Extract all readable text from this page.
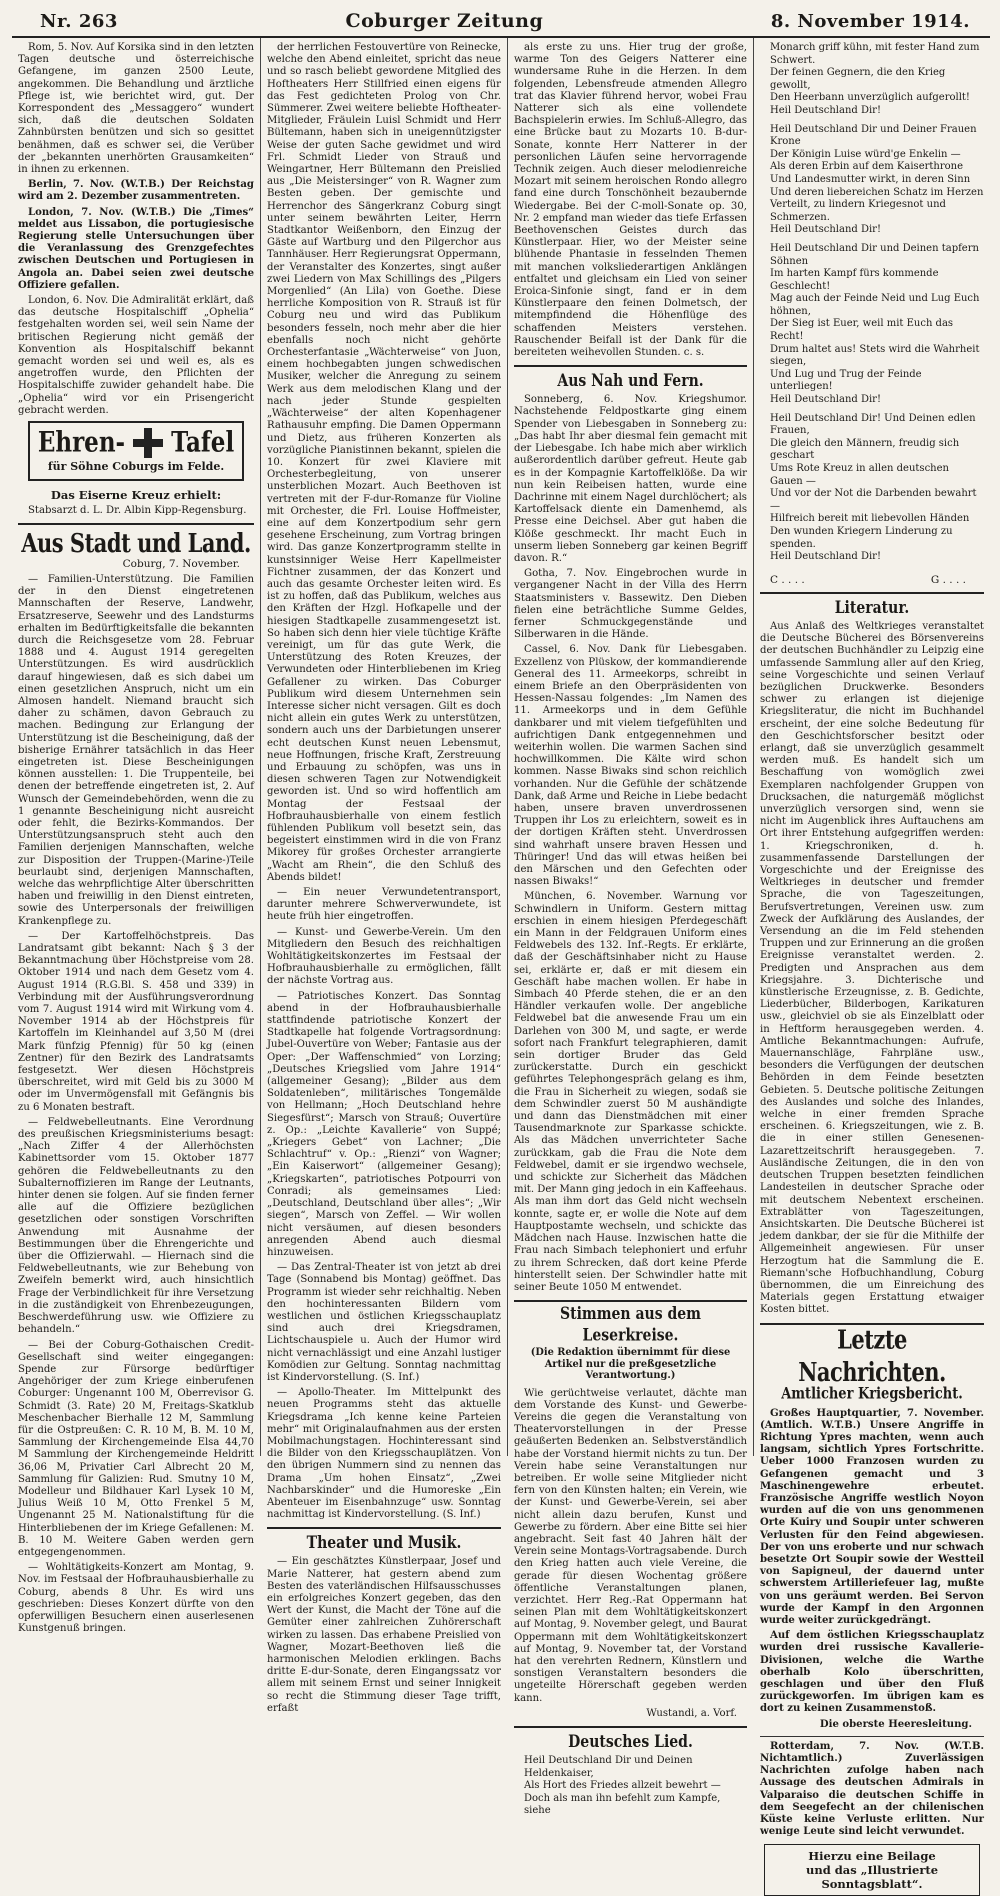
Nr. 263	Coburger Zeitung	8. November 1914.

Rom, 5. Nov. Auf Korsika sind in den letzten Tagen deutsche und österreichische Gefangene, im ganzen 2500 Leute, angekommen. Die Behandlung und ärztliche Pflege ist, wie berichtet wird, gut. Der Korrespondent des „Messaggero“ wundert sich, daß die deutschen Soldaten Zahnbürsten benützen und sich so gesittet benähmen, daß es schwer sei, die Verüber der „bekannten unerhörten Grausamkeiten“ in ihnen zu erkennen.

Berlin, 7. Nov. (W.T.B.) Der Reichstag wird am 2. Dezember zusammentreten.

London, 7. Nov. (W.T.B.) Die „Times“ meldet aus Lissabon, die portugiesische Regierung stelle Untersuchungen über die Veranlassung des Grenzgefechtes zwischen Deutschen und Portugiesen in Angola an. Dabei seien zwei deutsche Offiziere gefallen.

London, 6. Nov. Die Admiralität erklärt, daß das deutsche Hospitalschiff „Ophelia“ festgehalten worden sei, weil sein Name der britischen Regierung nicht gemäß der Konvention als Hospitalschiff bekannt gemacht worden sei und weil es, als es angetroffen wurde, den Pflichten der Hospitalschiffe zuwider gehandelt habe. Die „Ophelia“ wird vor ein Prisengericht gebracht werden.

Ehren- Tafel
für Söhne Coburgs im Felde.
Das Eiserne Kreuz erhielt:

Stabsarzt d. L. Dr. Albin Kipp-Regensburg.

Aus Stadt und Land.
Coburg, 7. November.

— Familien-Unterstützung. Die Familien der in den Dienst eingetretenen Mannschaften der Reserve, Landwehr, Ersatzreserve, Seewehr und des Landsturms erhalten im Bedürftigkeitsfalle die bekannten durch die Reichsgesetze vom 28. Februar 1888 und 4. August 1914 geregelten Unterstützungen. Es wird ausdrücklich darauf hingewiesen, daß es sich dabei um einen gesetzlichen Anspruch, nicht um ein Almosen handelt. Niemand braucht sich daher zu schämen, davon Gebrauch zu machen. Bedingung zur Erlangung der Unterstützung ist die Bescheinigung, daß der bisherige Ernährer tatsächlich in das Heer eingetreten ist. Diese Bescheinigungen können ausstellen: 1. Die Truppenteile, bei denen der betreffende eingetreten ist, 2. Auf Wunsch der Gemeindebehörden, wenn die zu 1 genannte Bescheinigung nicht ausreicht oder fehlt, die Bezirks-Kommandos. Der Unterstützungsanspruch steht auch den Familien derjenigen Mannschaften, welche zur Disposition der Truppen-(Marine-)Teile beurlaubt sind, derjenigen Mannschaften, welche das wehrpflichtige Alter überschritten haben und freiwillig in den Dienst eintreten, sowie des Unterpersonals der freiwilligen Krankenpflege zu.

— Der Kartoffelhöchstpreis. Das Landratsamt gibt bekannt: Nach § 3 der Bekanntmachung über Höchstpreise vom 28. Oktober 1914 und nach dem Gesetz vom 4. August 1914 (R.G.Bl. S. 458 und 339) in Verbindung mit der Ausführungsverordnung vom 7. August 1914 wird mit Wirkung vom 4. November 1914 ab der Höchstpreis für Kartoffeln im Kleinhandel auf 3,50 M (drei Mark fünfzig Pfennig) für 50 kg (einen Zentner) für den Bezirk des Landratsamts festgesetzt. Wer diesen Höchstpreis überschreitet, wird mit Geld bis zu 3000 M oder im Unvermögensfall mit Gefängnis bis zu 6 Monaten bestraft.

— Feldwebelleutnants. Eine Verordnung des preußischen Kriegsministeriums besagt: „Nach Ziffer 4 der Allerhöchsten Kabinettsorder vom 15. Oktober 1877 gehören die Feldwebelleutnants zu den Subalternoffizieren im Range der Leutnants, hinter denen sie folgen. Auf sie finden ferner alle auf die Offiziere bezüglichen gesetzlichen oder sonstigen Vorschriften Anwendung mit Ausnahme der Bestimmungen über die Ehrengerichte und über die Offizierwahl. — Hiernach sind die Feldwebelleutnants, wie zur Behebung von Zweifeln bemerkt wird, auch hinsichtlich Frage der Verbindlichkeit für ihre Versetzung in die zuständigkeit von Ehrenbezeugungen, Beschwerdeführung usw. wie Offiziere zu behandeln.“

— Bei der Coburg-Gothaischen Credit-Gesellschaft sind weiter eingegangen: Spende zur Fürsorge bedürftiger Angehöriger der zum Kriege einberufenen Coburger: Ungenannt 100 M, Oberrevisor G. Schmidt (3. Rate) 20 M, Freitags-Skatklub Meschenbacher Bierhalle 12 M, Sammlung für die Ostpreußen: C. R. 10 M, B. M. 10 M, Sammlung der Kirchengemeinde Elsa 44,70 M Sammlung der Kirchengemeinde Heldritt 36,06 M, Privatier Carl Albrecht 20 M, Sammlung für Galizien: Rud. Smutny 10 M, Modelleur und Bildhauer Karl Lysek 10 M, Julius Weiß 10 M, Otto Frenkel 5 M, Ungenannt 25 M. Nationalstiftung für die Hinterbliebenen der im Kriege Gefallenen: M. B. 10 M. Weitere Gaben werden gern entgegengenommen.

— Wohltätigkeits-Konzert am Montag, 9. Nov. im Festsaal der Hofbrauhausbierhalle zu Coburg, abends 8 Uhr. Es wird uns geschrieben: Dieses Konzert dürfte von den opferwilligen Besuchern einen auserlesenen Kunstgenuß bringen.

der herrlichen Festouvertüre von Reinecke, welche den Abend einleitet, spricht das neue und so rasch beliebt gewordene Mitglied des Hoftheaters Herr Stillfried einen eigens für das Fest gedichteten Prolog von Chr. Sümmerer. Zwei weitere beliebte Hoftheater-Mitglieder, Fräulein Luisl Schmidt und Herr Bültemann, haben sich in uneigennützigster Weise der guten Sache gewidmet und wird Frl. Schmidt Lieder von Strauß und Weingartner, Herr Bültemann den Preislied aus „Die Meistersinger“ von R. Wagner zum Besten geben. Der gemischte und Herrenchor des Sängerkranz Coburg singt unter seinem bewährten Leiter, Herrn Stadtkantor Weißenborn, den Einzug der Gäste auf Wartburg und den Pilgerchor aus Tannhäuser. Herr Regierungsrat Oppermann, der Veranstalter des Konzertes, singt außer zwei Liedern von Max Schillings des „Pilgers Morgenlied“ (An Lila) von Goethe. Diese herrliche Komposition von R. Strauß ist für Coburg neu und wird das Publikum besonders fesseln, noch mehr aber die hier ebenfalls noch nicht gehörte Orchesterfantasie „Wächterweise“ von Juon, einem hochbegabten jungen schwedischen Musiker, welcher die Anregung zu seinem Werk aus dem melodischen Klang und der nach jeder Stunde gespielten „Wächterweise“ der alten Kopenhagener Rathausuhr empfing. Die Damen Oppermann und Dietz, aus früheren Konzerten als vorzügliche Pianistinnen bekannt, spielen die 10. Konzert für zwei Klaviere mit Orchesterbegleitung, von unserer unsterblichen Mozart. Auch Beethoven ist vertreten mit der F-dur-Romanze für Violine mit Orchester, die Frl. Louise Hoffmeister, eine auf dem Konzertpodium sehr gern gesehene Erscheinung, zum Vortrag bringen wird. Das ganze Konzertprogramm stellte in kunstsinniger Weise Herr Kapellmeister Fichtner zusammen, der das Konzert und auch das gesamte Orchester leiten wird. Es ist zu hoffen, daß das Publikum, welches aus den Kräften der Hzgl. Hofkapelle und der hiesigen Stadtkapelle zusammengesetzt ist. So haben sich denn hier viele tüchtige Kräfte vereinigt, um für das gute Werk, die Unterstützung des Roten Kreuzes, der Verwundeten oder Hinterbliebenen im Krieg Gefallener zu wirken. Das Coburger Publikum wird diesem Unternehmen sein Interesse sicher nicht versagen. Gilt es doch nicht allein ein gutes Werk zu unterstützen, sondern auch uns der Darbietungen unserer echt deutschen Kunst neuen Lebensmut, neue Hoffnungen, frische Kraft, Zerstreuung und Erbauung zu schöpfen, was uns in diesen schweren Tagen zur Notwendigkeit geworden ist. Und so wird hoffentlich am Montag der Festsaal der Hofbrauhausbierhalle von einem festlich fühlenden Publikum voll besetzt sein, das begeistert einstimmen wird in die von Franz Mikorey für großes Orchester arrangierte „Wacht am Rhein“, die den Schluß des Abends bildet!

— Ein neuer Verwundetentransport, darunter mehrere Schwerverwundete, ist heute früh hier eingetroffen.

— Kunst- und Gewerbe-Verein. Um den Mitgliedern den Besuch des reichhaltigen Wohltätigkeitskonzertes im Festsaal der Hofbrauhausbierhalle zu ermöglichen, fällt der nächste Vortrag aus.

— Patriotisches Konzert. Das Sonntag abend in der Hofbrauhausbierhalle stattfindende patriotische Konzert der Stadtkapelle hat folgende Vortragsordnung: Jubel-Ouvertüre von Weber; Fantasie aus der Oper: „Der Waffenschmied“ von Lorzing; „Deutsches Kriegslied vom Jahre 1914“ (allgemeiner Gesang); „Bilder aus dem Soldatenleben“, militärisches Tongemälde von Hellmann; „Hoch Deutschland hehre Siegesfürst“; Marsch von Strauß; Ouvertüre z. Op.: „Leichte Kavallerie“ von Suppé; „Kriegers Gebet“ von Lachner; „Die Schlachtruf“ v. Op.: „Rienzi“ von Wagner; „Ein Kaiserwort“ (allgemeiner Gesang); „Kriegskarten“, patriotisches Potpourri von Conradi; als gemeinsames Lied: „Deutschland, Deutschland über alles“; „Wir siegen“, Marsch von Zeffel. — Wir wollen nicht versäumen, auf diesen besonders anregenden Abend auch diesmal hinzuweisen.

— Das Zentral-Theater ist von jetzt ab drei Tage (Sonnabend bis Montag) geöffnet. Das Programm ist wieder sehr reichhaltig. Neben den hochinteressanten Bildern vom westlichen und östlichen Kriegsschauplatz sind auch drei Kriegsdramen, Lichtschauspiele u. Auch der Humor wird nicht vernachlässigt und eine Anzahl lustiger Komödien zur Geltung. Sonntag nachmittag ist Kindervorstellung. (S. Inf.)

— Apollo-Theater. Im Mittelpunkt des neuen Programms steht das aktuelle Kriegsdrama „Ich kenne keine Parteien mehr“ mit Originalaufnahmen aus der ersten Mobilmachungstagen. Hochinteressant sind die Bilder von den Kriegsschauplätzen. Von den übrigen Nummern sind zu nennen das Drama „Um hohen Einsatz“, „Zwei Nachbarskinder“ und die Humoreske „Ein Abenteuer im Eisenbahnzuge“ usw. Sonntag nachmittag ist Kindervorstellung. (S. Inf.)

Theater und Musik.

— Ein geschätztes Künstlerpaar, Josef und Marie Natterer, hat gestern abend zum Besten des vaterländischen Hilfsausschusses ein erfolgreiches Konzert gegeben, das den Wert der Kunst, die Macht der Töne auf die Gemüter einer zahlreichen Zuhörerschaft wirken zu lassen. Das erhabene Preislied von Wagner, Mozart-Beethoven ließ die harmonischen Melodien erklingen. Bachs dritte E-dur-Sonate, deren Eingangssatz vor allem mit seinem Ernst und seiner Innigkeit so recht die Stimmung dieser Tage trifft, erfaßt

als erste zu uns. Hier trug der große, warme Ton des Geigers Natterer eine wundersame Ruhe in die Herzen. In dem folgenden, Lebensfreude atmenden Allegro trat das Klavier führend hervor, wobei Frau Natterer sich als eine vollendete Bachspielerin erwies. Im Schluß-Allegro, das eine Brücke baut zu Mozarts 10. B-dur-Sonate, konnte Herr Natterer in der personlichen Läufen seine hervorragende Technik zeigen. Auch dieser melodienreiche Mozart mit seinem heroischen Rondo allegro fand eine durch Tonschönheit bezaubernde Wiedergabe. Bei der C-moll-Sonate op. 30, Nr. 2 empfand man wieder das tiefe Erfassen Beethovenschen Geistes durch das Künstlerpaar. Hier, wo der Meister seine blühende Phantasie in fesselnden Themen mit manchen volksliederartigen Anklängen entfaltet und gleichsam ein Lied von seiner Eroica-Sinfonie singt, fand er in dem Künstlerpaare den feinen Dolmetsch, der mitempfindend die Höhenflüge des schaffenden Meisters verstehen. Rauschender Beifall ist der Dank für die bereiteten weihevollen Stunden. c. s.

Aus Nah und Fern.

Sonneberg, 6. Nov. Kriegshumor. Nachstehende Feldpostkarte ging einem Spender von Liebesgaben in Sonneberg zu: „Das habt Ihr aber diesmal fein gemacht mit der Liebesgabe. Ich habe mich aber wirklich außerordentlich darüber gefreut. Heute gab es in der Kompagnie Kartoffelklöße. Da wir nun kein Reibeisen hatten, wurde eine Dachrinne mit einem Nagel durchlöchert; als Kartoffelsack diente ein Damenhemd, als Presse eine Deichsel. Aber gut haben die Klöße geschmeckt. Ihr macht Euch in unserm lieben Sonneberg gar keinen Begriff davon. R.“

Gotha, 7. Nov. Eingebrochen wurde in vergangener Nacht in der Villa des Herrn Staatsministers v. Bassewitz. Den Dieben fielen eine beträchtliche Summe Geldes, ferner Schmuckgegenstände und Silberwaren in die Hände.

Cassel, 6. Nov. Dank für Liebesgaben. Exzellenz von Plüskow, der kommandierende General des 11. Armeekorps, schreibt in einem Briefe an den Oberpräsidenten von Hessen-Nassau folgendes: „Im Namen des 11. Armeekorps und in dem Gefühle dankbarer und mit vielem tiefgefühlten und aufrichtigen Dank entgegennehmen und weiterhin wollen. Die warmen Sachen sind hochwillkommen. Die Kälte wird schon kommen. Nasse Biwaks sind schon reichlich vorhanden. Nur die Gefühle der schätzende Dank, daß Arme und Reiche in Liebe bedacht haben, unsere braven unverdrossenen Truppen ihr Los zu erleichtern, soweit es in der dortigen Kräften steht. Unverdrossen sind wahrhaft unsere braven Hessen und Thüringer! Und das will etwas heißen bei den Märschen und den Gefechten oder nassen Biwaks!“

München, 6. November. Warnung vor Schwindlern in Uniform. Gestern mittag erschien in einem hiesigen Pferdegeschäft ein Mann in der Feldgrauen Uniform eines Feldwebels des 132. Inf.-Regts. Er erklärte, daß der Geschäftsinhaber nicht zu Hause sei, erklärte er, daß er mit diesem ein Geschäft habe machen wollen. Er habe in Simbach 40 Pferde stehen, die er an den Händler verkaufen wolle. Der angebliche Feldwebel bat die anwesende Frau um ein Darlehen von 300 M, und sagte, er werde sofort nach Frankfurt telegraphieren, damit sein dortiger Bruder das Geld zurückerstatte. Durch ein geschickt geführtes Telephongespräch gelang es ihm, die Frau in Sicherheit zu wiegen, sodaß sie dem Schwindler zuerst 50 M aushändigte und dann das Dienstmädchen mit einer Tausendmarknote zur Sparkasse schickte. Als das Mädchen unverrichteter Sache zurückkam, gab die Frau die Note dem Feldwebel, damit er sie irgendwo wechsele, und schickte zur Sicherheit das Mädchen mit. Der Mann ging jedoch in ein Kaffeehaus. Als man ihm dort das Geld nicht wechseln konnte, sagte er, er wolle die Note auf dem Hauptpostamte wechseln, und schickte das Mädchen nach Hause. Inzwischen hatte die Frau nach Simbach telephoniert und erfuhr zu ihrem Schrecken, daß dort keine Pferde hinterstellt seien. Der Schwindler hatte mit seiner Beute 1050 M entwendet.

Stimmen aus dem Leserkreise.
(Die Redaktion übernimmt für diese Artikel nur die preßgesetzliche Verantwortung.)

Wie gerüchtweise verlautet, dächte man dem Vorstande des Kunst- und Gewerbe-Vereins die gegen die Veranstaltung von Theatervorstellungen in der Presse geäußerten Bedenken an. Selbstverständlich habe der Vorstand hiermit nichts zu tun. Der Verein habe seine Veranstaltungen nur betreiben. Er wolle seine Mitglieder nicht fern von den Künsten halten; ein Verein, wie der Kunst- und Gewerbe-Verein, sei aber nicht allein dazu berufen, Kunst und Gewerbe zu fördern. Aber eine Bitte sei hier angebracht. Seit fast 40 Jahren hält der Verein seine Montags-Vortragsabende. Durch den Krieg hatten auch viele Vereine, die gerade für diesen Wochentag größere öffentliche Veranstaltungen planen, verzichtet. Herr Reg.-Rat Oppermann hat seinen Plan mit dem Wohltätigkeitskonzert auf Montag, 9. November gelegt, und Baurat Oppermann mit dem Wohltätigkeitskonzert auf Montag, 9. November tat, der Vorstand hat den verehrten Rednern, Künstlern und sonstigen Veranstaltern besonders die ungeteilte Hörerschaft gegeben werden kann.

Wustandi, a. Vorf.
Deutsches Lied.
Heil Deutschland Dir und Deinen Heldenkaiser,
Als Hort des Friedes allzeit bewehrt —
Doch als man ihn befehlt zum Kampfe, siehe
Monarch griff kühn, mit fester Hand zum Schwert.
Der feinen Gegnern, die den Krieg gewollt,
Den Heerbann unverzüglich aufgerollt!
Heil Deutschland Dir!
Heil Deutschland Dir und Deiner Frauen Krone
Der Königin Luise würd'ge Enkelin —
Als deren Erbin auf dem Kaiserthrone
Und Landesmutter wirkt, in deren Sinn
Und deren liebereichen Schatz im Herzen
Verteilt, zu lindern Kriegesnot und Schmerzen.
Heil Deutschland Dir!
Heil Deutschland Dir und Deinen tapfern Söhnen
Im harten Kampf fürs kommende Geschlecht!
Mag auch der Feinde Neid und Lug Euch höhnen,
Der Sieg ist Euer, weil mit Euch das Recht!
Drum haltet aus! Stets wird die Wahrheit siegen,
Und Lug und Trug der Feinde unterliegen!
Heil Deutschland Dir!
Heil Deutschland Dir! Und Deinen edlen Frauen,
Die gleich den Männern, freudig sich geschart
Ums Rote Kreuz in allen deutschen Gauen —
Und vor der Not die Darbenden bewahrt —
Hilfreich bereit mit liebevollen Händen
Den wunden Kriegern Linderung zu spenden.
Heil Deutschland Dir!
C . . . .	G . . . .
Literatur.

Aus Anlaß des Weltkrieges veranstaltet die Deutsche Bücherei des Börsenvereins der deutschen Buchhändler zu Leipzig eine umfassende Sammlung aller auf den Krieg, seine Vorgeschichte und seinen Verlauf bezüglichen Druckwerke. Besonders schwer zu erlangen ist diejenige Kriegsliteratur, die nicht im Buchhandel erscheint, der eine solche Bedeutung für den Geschichtsforscher besitzt oder erlangt, daß sie unverzüglich gesammelt werden muß. Es handelt sich um Beschaffung von womöglich zwei Exemplaren nachfolgender Gruppen von Drucksachen, die naturgemäß möglichst unverzüglich versorgen sind, wenn sie nicht im Augenblick ihres Auftauchens am Ort ihrer Entstehung aufgegriffen werden: 1. Kriegschroniken, d. h. zusammenfassende Darstellungen der Vorgeschichte und der Ereignisse des Weltkrieges in deutscher und fremder Sprache, die von Tageszeitungen, Berufsvertretungen, Vereinen usw. zum Zweck der Aufklärung des Auslandes, der Versendung an die im Feld stehenden Truppen und zur Erinnerung an die großen Ereignisse veranstaltet werden. 2. Predigten und Ansprachen aus dem Kriegsjahre. 3. Dichterische und künstlerische Erzeugnisse, z. B. Gedichte, Liederbücher, Bilderbogen, Karikaturen usw., gleichviel ob sie als Einzelblatt oder in Heftform herausgegeben werden. 4. Amtliche Bekanntmachungen: Aufrufe, Mauernanschläge, Fahrpläne usw., besonders die Verfügungen der deutschen Behörden in dem Feinde besetzten Gebieten. 5. Deutsche politische Zeitungen des Auslandes und solche des Inlandes, welche in einer fremden Sprache erscheinen. 6. Kriegszeitungen, wie z. B. die in einer stillen Genesenen-Lazarettzeitschrift herausgegeben. 7. Ausländische Zeitungen, die in den von deutschen Truppen besetzten feindlichen Landesteilen in deutscher Sprache oder mit deutschem Nebentext erscheinen. Extrablätter von Tageszeitungen, Ansichtskarten. Die Deutsche Bücherei ist jedem dankbar, der sie für die Mithilfe der Allgemeinheit angewiesen. Für unser Herzogtum hat die Sammlung die E. Riemann'sche Hofbuchhandlung, Coburg übernommen, die um Einreichung des Materials gegen Erstattung etwaiger Kosten bittet.

Letzte Nachrichten.
Amtlicher Kriegsbericht.

Großes Hauptquartier, 7. November. (Amtlich. W.T.B.) Unsere Angriffe in Richtung Ypres machten, wenn auch langsam, sichtlich Ypres Fortschritte. Ueber 1000 Franzosen wurden zu Gefangenen gemacht und 3 Maschinengewehre erbeutet. Französische Angriffe westlich Noyon wurden auf die von uns genommenen Orte Kuiry und Soupir unter schweren Verlusten für den Feind abgewiesen. Der von uns eroberte und nur schwach besetzte Ort Soupir sowie der Westteil von Sapigneul, der dauernd unter schwerstem Artilleriefeuer lag, mußte von uns geräumt werden. Bei Servon wurde der Kampf in den Argonnen wurde weiter zurückgedrängt.

Auf dem östlichen Kriegsschauplatz wurden drei russische Kavallerie-Divisionen, welche die Warthe oberhalb Kolo überschritten, geschlagen und über den Fluß zurückgeworfen. Im übrigen kam es dort zu keinen Zusammenstoß.

Die oberste Heeresleitung.

Rotterdam, 7. Nov. (W.T.B. Nichtamtlich.) Zuverlässigen Nachrichten zufolge haben nach Aussage des deutschen Admirals in Valparaiso die deutschen Schiffe in dem Seegefecht an der chilenischen Küste keine Verluste erlitten. Nur wenige Leute sind leicht verwundet.

Hierzu eine Beilage
und das „Illustrierte Sonntagsblatt“.
